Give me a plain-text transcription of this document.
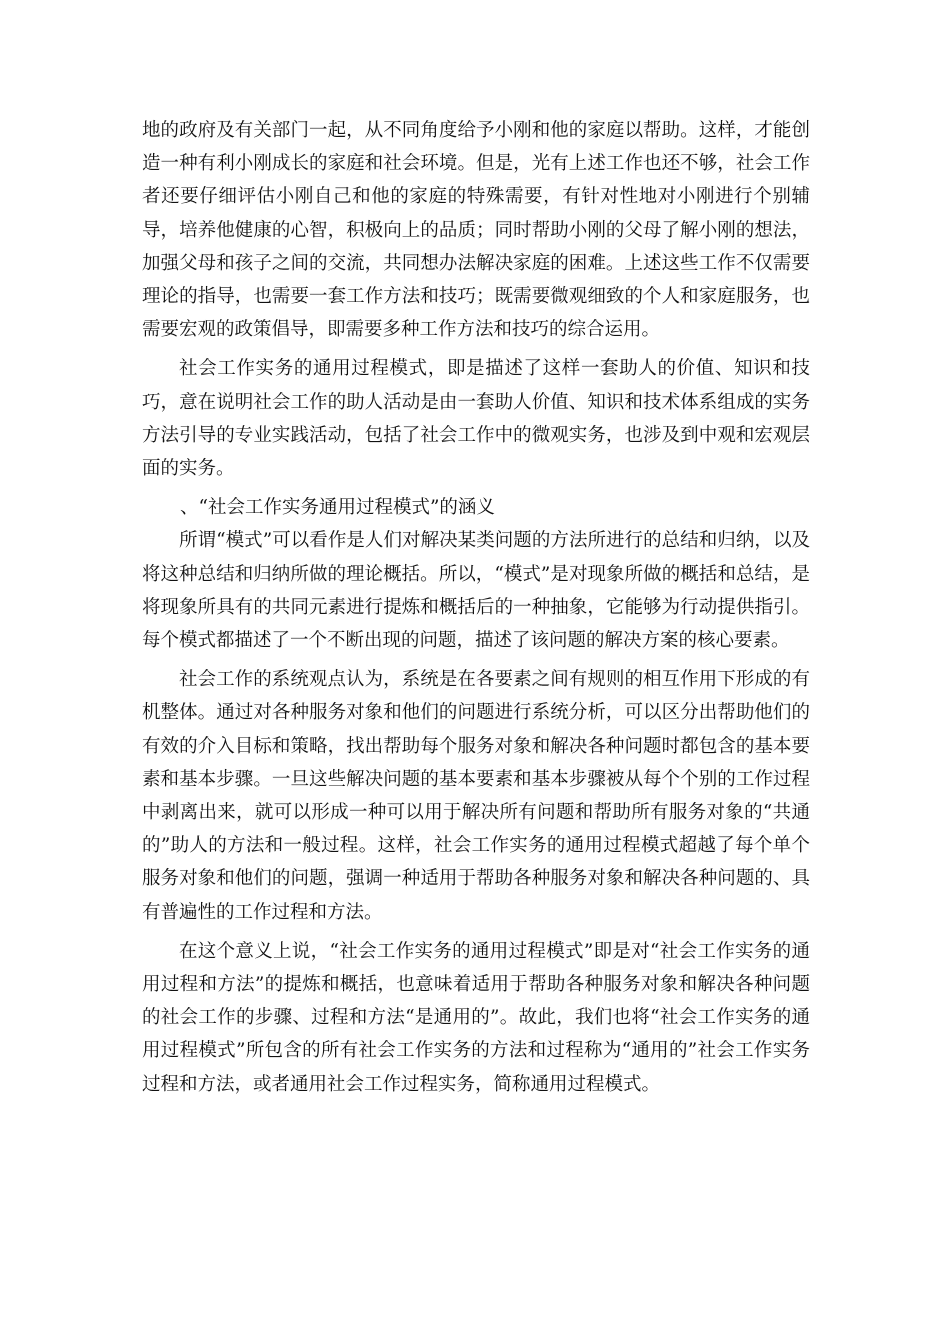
地的政府及有关部门一起，从不同角度给予小刚和他的家庭以帮助。这样，才能创造一种有利小刚成长的家庭和社会环境。但是，光有上述工作也还不够，社会工作者还要仔细评估小刚自己和他的家庭的特殊需要，有针对性地对小刚进行个别辅导，培养他健康的心智，积极向上的品质；同时帮助小刚的父母了解小刚的想法，加强父母和孩子之间的交流，共同想办法解决家庭的困难。上述这些工作不仅需要理论的指导，也需要一套工作方法和技巧；既需要微观细致的个人和家庭服务，也需要宏观的政策倡导，即需要多种工作方法和技巧的综合运用。

社会工作实务的通用过程模式，即是描述了这样一套助人的价值、知识和技巧，意在说明社会工作的助人活动是由一套助人价值、知识和技术体系组成的实务方法引导的专业实践活动，包括了社会工作中的微观实务，也涉及到中观和宏观层面的实务。

、“社会工作实务通用过程模式”的涵义

所谓“模式”可以看作是人们对解决某类问题的方法所进行的总结和归纳，以及将这种总结和归纳所做的理论概括。所以，“模式”是对现象所做的概括和总结，是将现象所具有的共同元素进行提炼和概括后的一种抽象，它能够为行动提供指引。每个模式都描述了一个不断出现的问题，描述了该问题的解决方案的核心要素。

社会工作的系统观点认为，系统是在各要素之间有规则的相互作用下形成的有机整体。通过对各种服务对象和他们的问题进行系统分析，可以区分出帮助他们的有效的介入目标和策略，找出帮助每个服务对象和解决各种问题时都包含的基本要素和基本步骤。一旦这些解决问题的基本要素和基本步骤被从每个个别的工作过程中剥离出来，就可以形成一种可以用于解决所有问题和帮助所有服务对象的“共通的”助人的方法和一般过程。这样，社会工作实务的通用过程模式超越了每个单个服务对象和他们的问题，强调一种适用于帮助各种服务对象和解决各种问题的、具有普遍性的工作过程和方法。

在这个意义上说，“社会工作实务的通用过程模式”即是对“社会工作实务的通用过程和方法”的提炼和概括，也意味着适用于帮助各种服务对象和解决各种问题的社会工作的步骤、过程和方法“是通用的”。故此，我们也将“社会工作实务的通用过程模式”所包含的所有社会工作实务的方法和过程称为“通用的”社会工作实务过程和方法，或者通用社会工作过程实务，简称通用过程模式。
